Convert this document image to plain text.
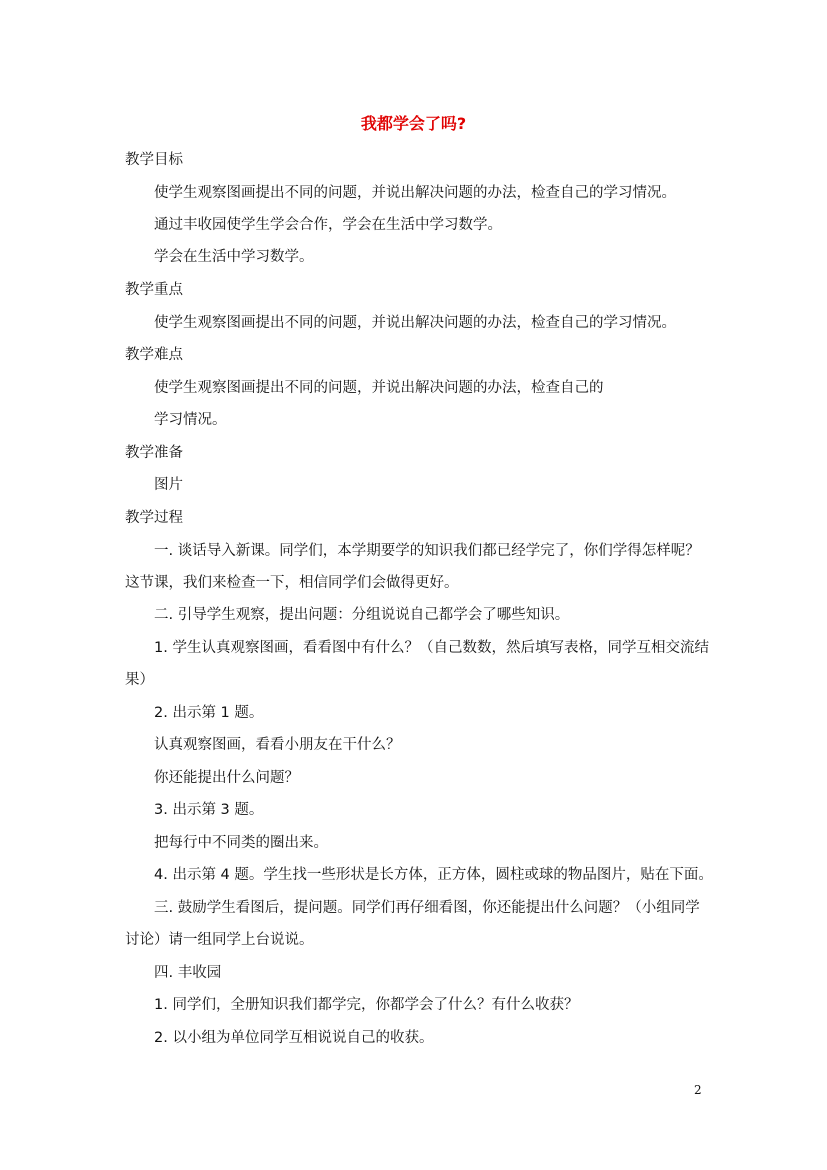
我都学会了吗?
教学目标
使学生观察图画提出不同的问题，并说出解决问题的办法，检查自己的学习情况。
通过丰收园使学生学会合作，学会在生活中学习数学。
学会在生活中学习数学。
教学重点
使学生观察图画提出不同的问题，并说出解决问题的办法，检查自己的学习情况。
教学难点
使学生观察图画提出不同的问题，并说出解决问题的办法，检查自己的
学习情况。
教学准备
图片
教学过程
一. 谈话导入新课。同学们，本学期要学的知识我们都已经学完了，你们学得怎样呢？
这节课，我们来检查一下，相信同学们会做得更好。
二. 引导学生观察，提出问题：分组说说自己都学会了哪些知识。
1. 学生认真观察图画，看看图中有什么？（自己数数，然后填写表格，同学互相交流结
果）
2. 出示第 1 题。
认真观察图画，看看小朋友在干什么？
你还能提出什么问题？
3. 出示第 3 题。
把每行中不同类的圈出来。
4. 出示第 4 题。学生找一些形状是长方体，正方体，圆柱或球的物品图片，贴在下面。
三. 鼓励学生看图后，提问题。同学们再仔细看图，你还能提出什么问题？（小组同学
讨论）请一组同学上台说说。
四. 丰收园
1. 同学们，全册知识我们都学完，你都学会了什么？有什么收获？
2. 以小组为单位同学互相说说自己的收获。
2
